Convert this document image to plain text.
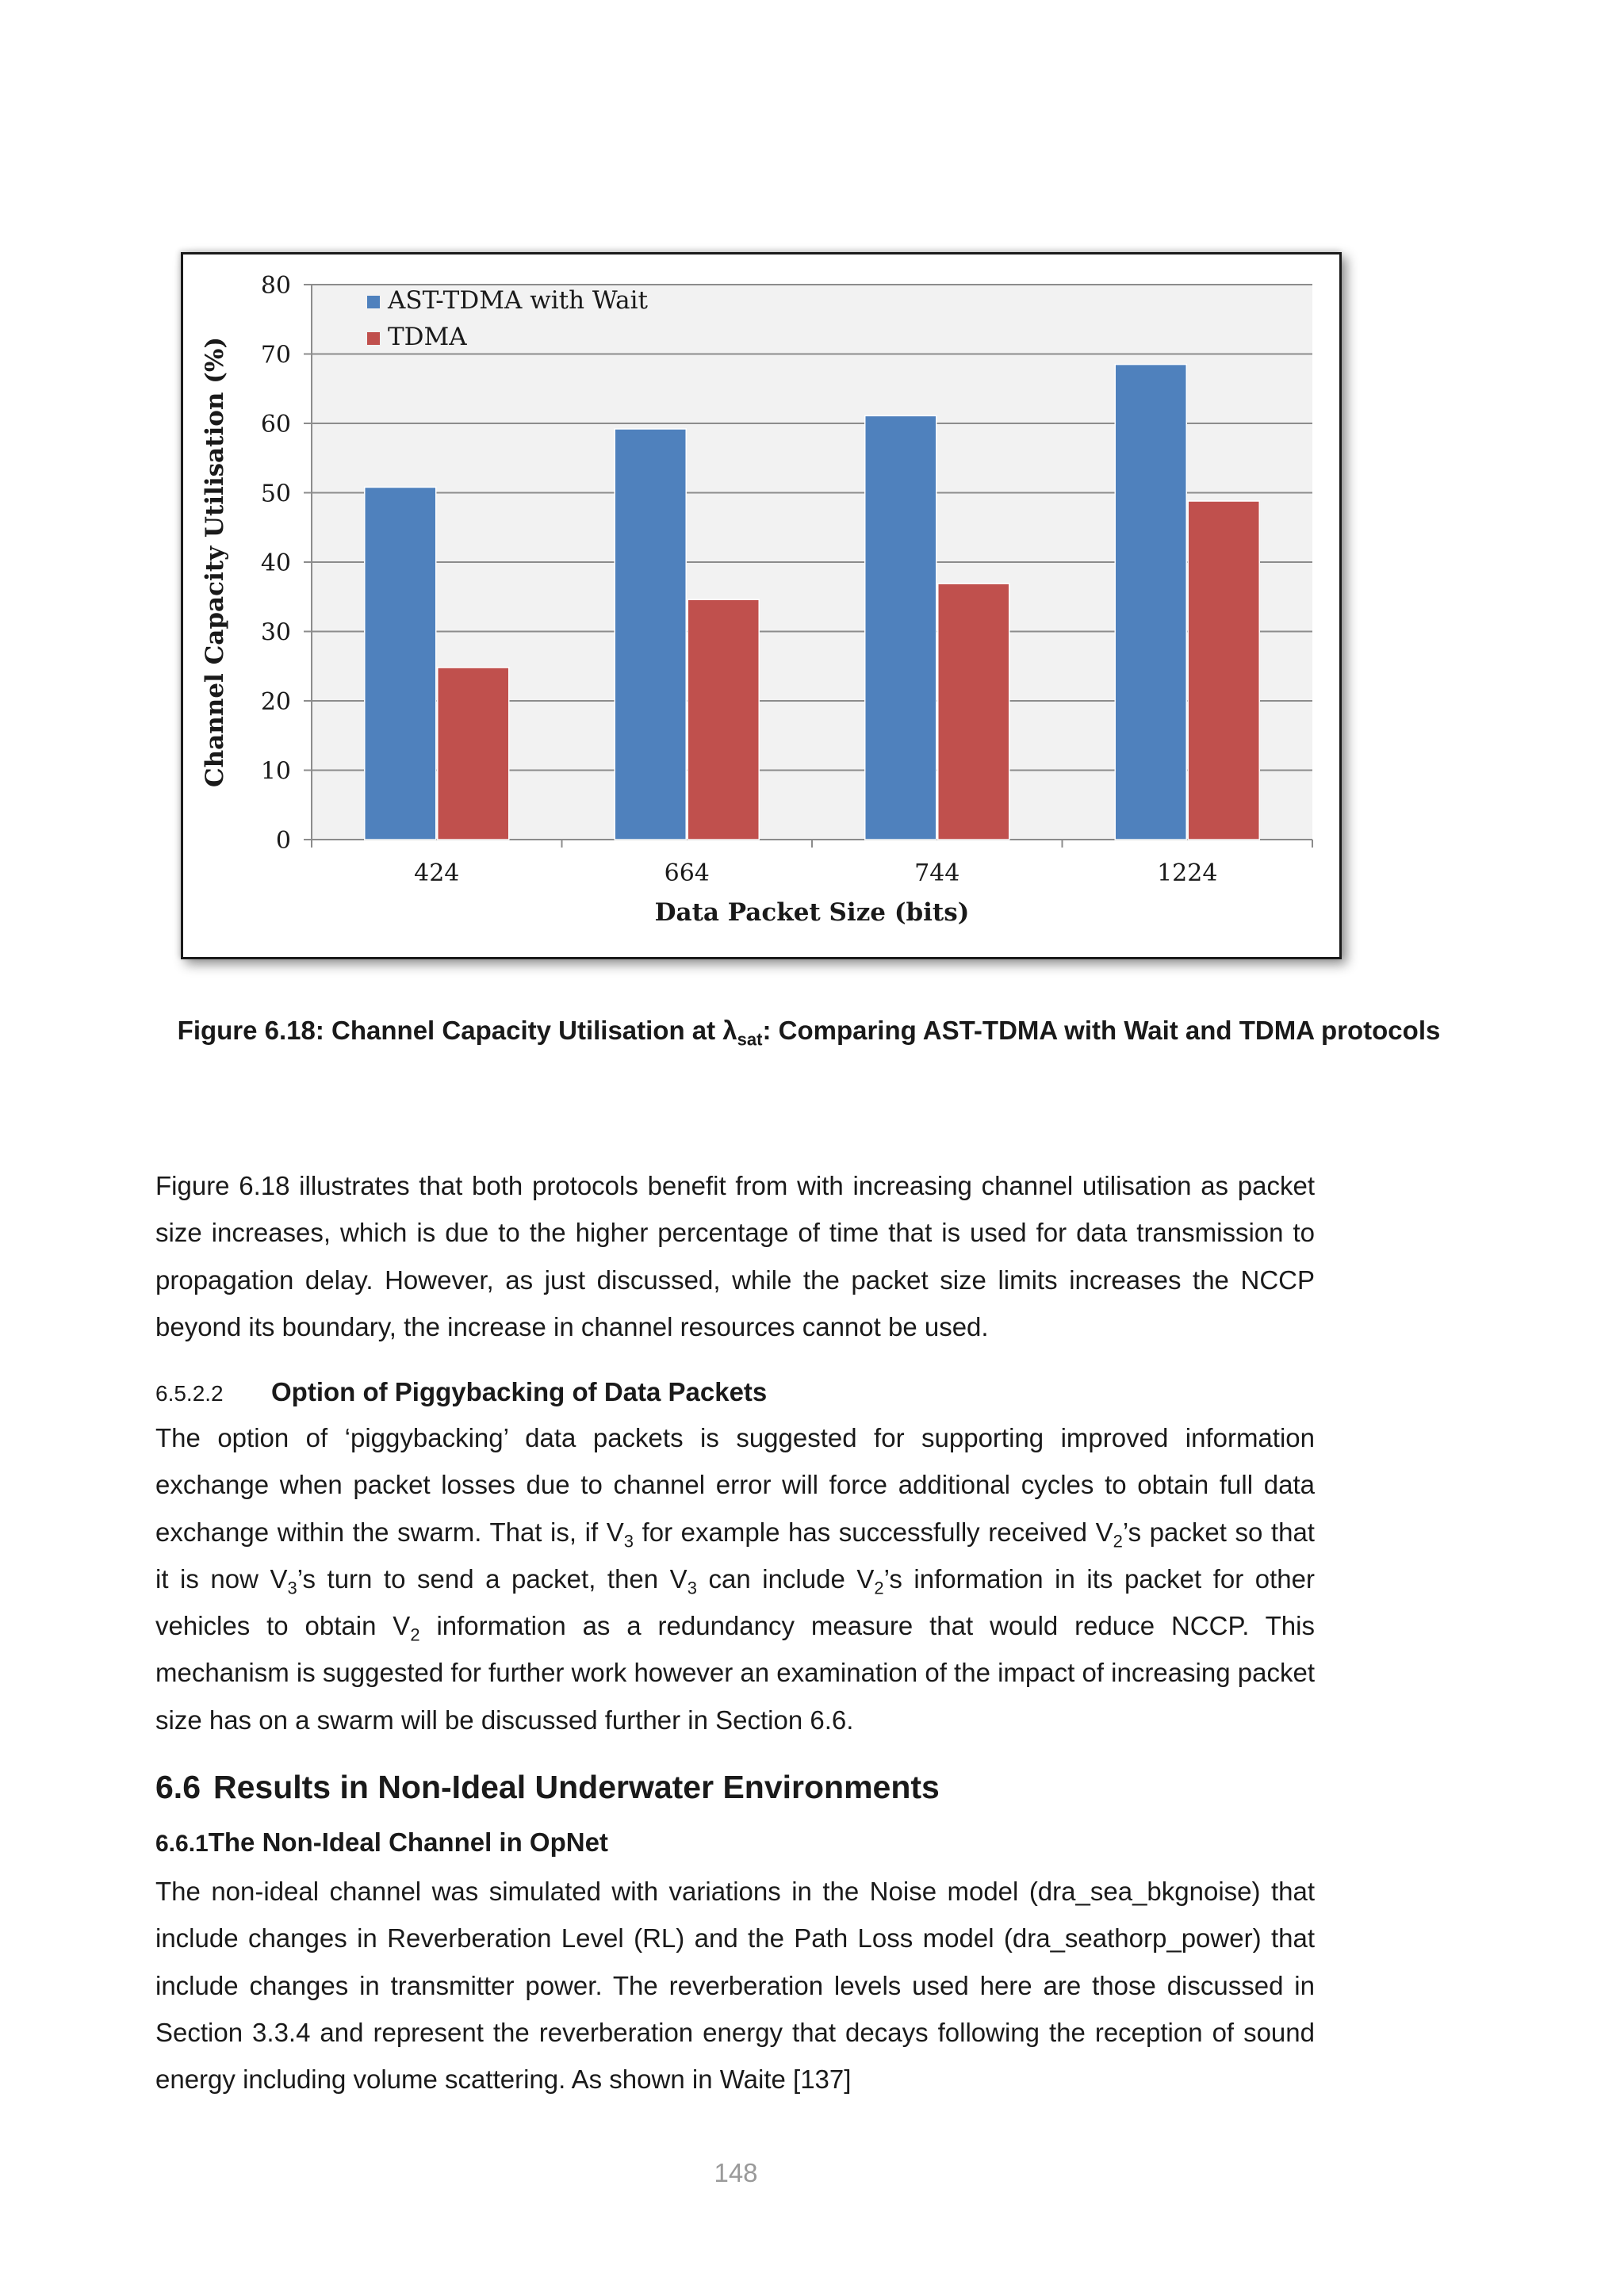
0
10
20
30
40
50
60
70
80
424	664	744	1224
Data Packet Size (bits)
Channel Capacity Utilisation (%)
AST-TDMA with Wait
TDMA
Figure 6.18: Channel Capacity Utilisation at $\lambda_{sat}$: Comparing AST-TDMA with Wait and TDMA protocols
Figure 6.18 illustrates that both protocols benefit from with increasing channel utilisation as packet size increases, which is due to the higher percentage of time that is used for data transmission to propagation delay. However, as just discussed, while the packet size limits increases the NCCP beyond its boundary, the increase in channel resources cannot be used.
6.5.2.2 Option of Piggybacking of Data Packets
The option of ‘piggybacking’ data packets is suggested for supporting improved information exchange when packet losses due to channel error will force additional cycles to obtain full data exchange within the swarm. That is, if $V_3$ for example has successfully received $V_2’s$ packet so that it is now $V_3’s$ turn to send a packet, then $V_3$ can include $V_2’s$ information in its packet for other vehicles to obtain $V_2$ information as a redundancy measure that would reduce NCCP. This mechanism is suggested for further work however an examination of the impact of increasing packet size has on a swarm will be discussed further in Section 6.6.
6.6 Results in Non-Ideal Underwater Environments
6.6.1The Non-Ideal Channel in OpNet
The non-ideal channel was simulated with variations in the Noise model (dra_sea_bkgnoise) that include changes in Reverberation Level (RL) and the Path Loss model (dra_seathorp_power) that include changes in transmitter power. The reverberation levels used here are those discussed in Section 3.3.4 and represent the reverberation energy that decays following the reception of sound energy including volume scattering. As shown in Waite [137]
148
